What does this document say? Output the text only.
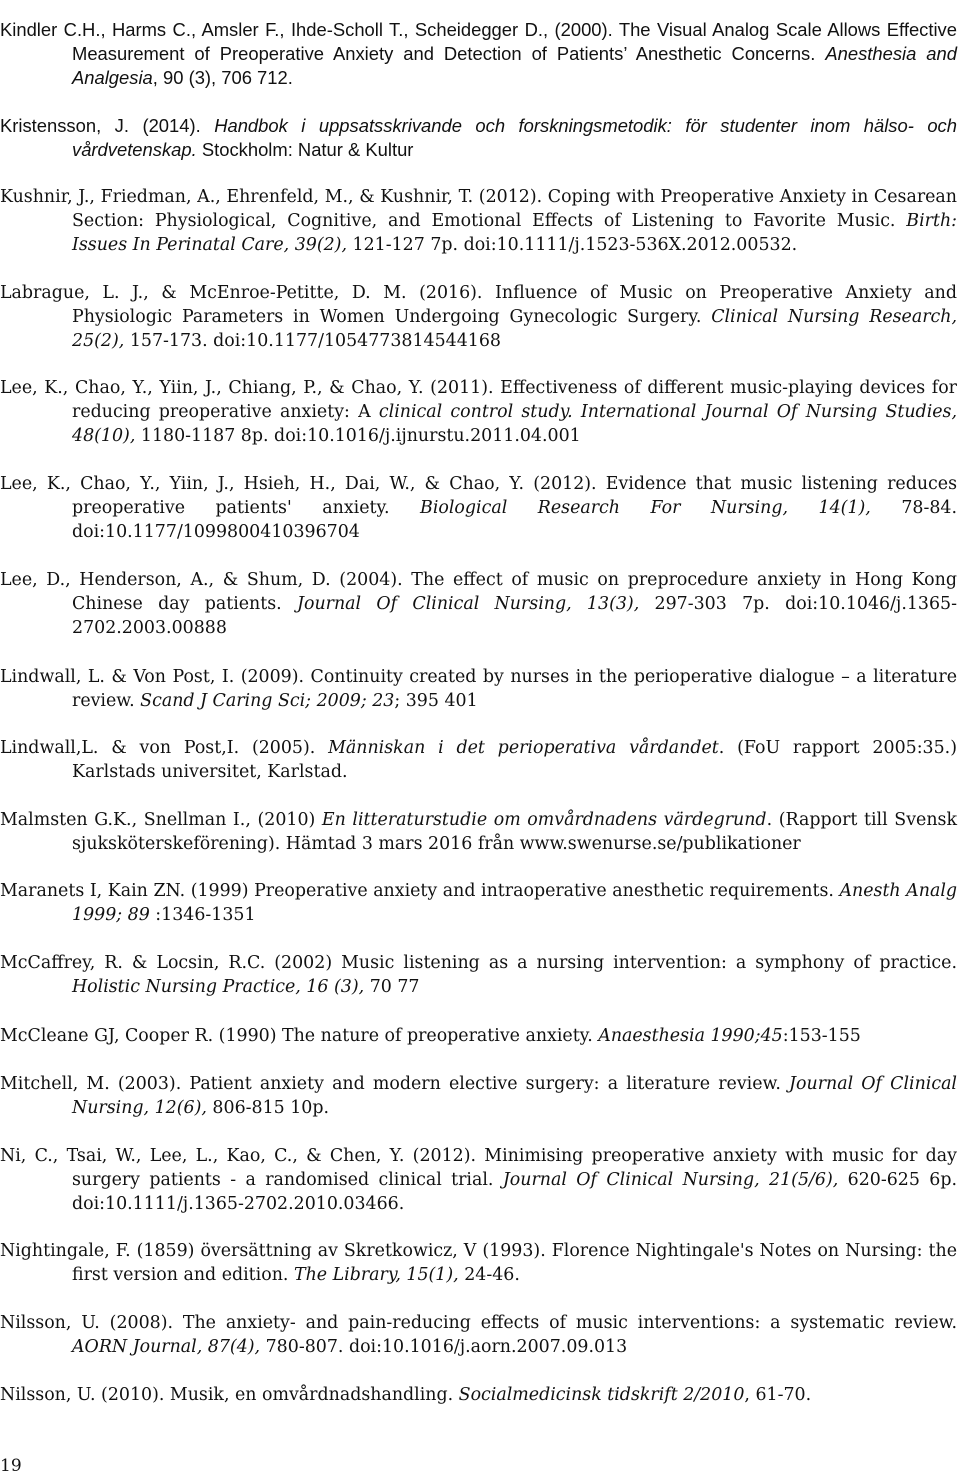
Kindler C.H., Harms C., Amsler F., Ihde-Scholl T., Scheidegger D., (2000). The Visual Analog Scale Allows Effective Measurement of Preoperative Anxiety and Detection of Patients’ Anesthetic Concerns. Anesthesia and Analgesia, 90 (3), 706 712.

Kristensson, J. (2014). Handbok i uppsatsskrivande och forskningsmetodik: för studenter inom hälso- och vårdvetenskap. Stockholm: Natur & Kultur

Kushnir, J., Friedman, A., Ehrenfeld, M., & Kushnir, T. (2012). Coping with Preoperative Anxiety in Cesarean Section: Physiological, Cognitive, and Emotional Effects of Listening to Favorite Music. Birth: Issues In Perinatal Care, 39(2), 121-127 7p. doi:10.1111/j.1523-536X.2012.00532.

Labrague, L. J., & McEnroe-Petitte, D. M. (2016). Influence of Music on Preoperative Anxiety and Physiologic Parameters in Women Undergoing Gynecologic Surgery. Clinical Nursing Research, 25(2), 157-173. doi:10.1177/1054773814544168

Lee, K., Chao, Y., Yiin, J., Chiang, P., & Chao, Y. (2011). Effectiveness of different music-playing devices for reducing preoperative anxiety: A clinical control study. International Journal Of Nursing Studies, 48(10), 1180-1187 8p. doi:10.1016/j.ijnurstu.2011.04.001

Lee, K., Chao, Y., Yiin, J., Hsieh, H., Dai, W., & Chao, Y. (2012). Evidence that music listening reduces preoperative patients' anxiety. Biological Research For Nursing, 14(1), 78-84. doi:10.1177/1099800410396704

Lee, D., Henderson, A., & Shum, D. (2004). The effect of music on preprocedure anxiety in Hong Kong Chinese day patients. Journal Of Clinical Nursing, 13(3), 297-303 7p. doi:10.1046/j.1365-2702.2003.00888

Lindwall, L. & Von Post, I. (2009). Continuity created by nurses in the perioperative dialogue – a literature review. Scand J Caring Sci; 2009; 23; 395 401

Lindwall,L. & von Post,I. (2005). Människan i det perioperativa vårdandet. (FoU rapport 2005:35.) Karlstads universitet, Karlstad.

Malmsten G.K., Snellman I., (2010) En litteraturstudie om omvårdnadens värdegrund. (Rapport till Svensk sjuksköterskeförening). Hämtad 3 mars 2016 från www.swenurse.se/publikationer

Maranets I, Kain ZN. (1999) Preoperative anxiety and intraoperative anesthetic requirements. Anesth Analg 1999; 89 :1346-1351

McCaffrey, R. & Locsin, R.C. (2002) Music listening as a nursing intervention: a symphony of practice. Holistic Nursing Practice, 16 (3), 70 77

McCleane GJ, Cooper R. (1990) The nature of preoperative anxiety. Anaesthesia 1990;45:153-155

Mitchell, M. (2003). Patient anxiety and modern elective surgery: a literature review. Journal Of Clinical Nursing, 12(6), 806-815 10p.

Ni, C., Tsai, W., Lee, L., Kao, C., & Chen, Y. (2012). Minimising preoperative anxiety with music for day surgery patients - a randomised clinical trial. Journal Of Clinical Nursing, 21(5/6), 620-625 6p. doi:10.1111/j.1365-2702.2010.03466.

Nightingale, F. (1859) översättning av Skretkowicz, V (1993). Florence Nightingale's Notes on Nursing: the first version and edition. The Library, 15(1), 24-46.

Nilsson, U. (2008). The anxiety- and pain-reducing effects of music interventions: a systematic review. AORN Journal, 87(4), 780-807. doi:10.1016/j.aorn.2007.09.013

Nilsson, U. (2010). Musik, en omvårdnadshandling. Socialmedicinsk tidskrift 2/2010, 61-70.

19
